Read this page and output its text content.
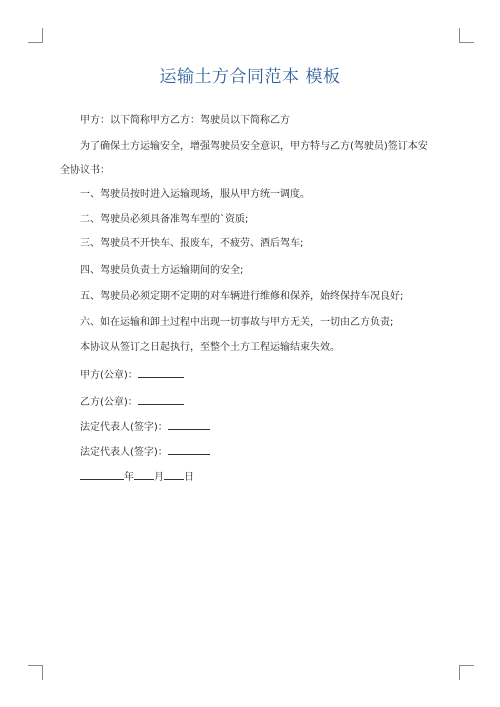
运输土方合同范本 模板
甲方：以下简称甲方乙方：驾驶员以下简称乙方
为了确保土方运输安全，增强驾驶员安全意识，甲方特与乙方(驾驶员)签订本安
全协议书：
一、驾驶员按时进入运输现场，服从甲方统一调度。
二、驾驶员必须具备准驾车型的`资质;
三、驾驶员不开快车、报废车，不疲劳、酒后驾车;
四、驾驶员负责土方运输期间的安全;
五、驾驶员必须定期不定期的对车辆进行维修和保养，始终保持车况良好;
六、如在运输和卸土过程中出现一切事故与甲方无关，一切由乙方负责;
本协议从签订之日起执行，至整个土方工程运输结束失效。
甲方(公章)：
乙方(公章)：
法定代表人(签字)：
法定代表人(签字)：
年 月 日
